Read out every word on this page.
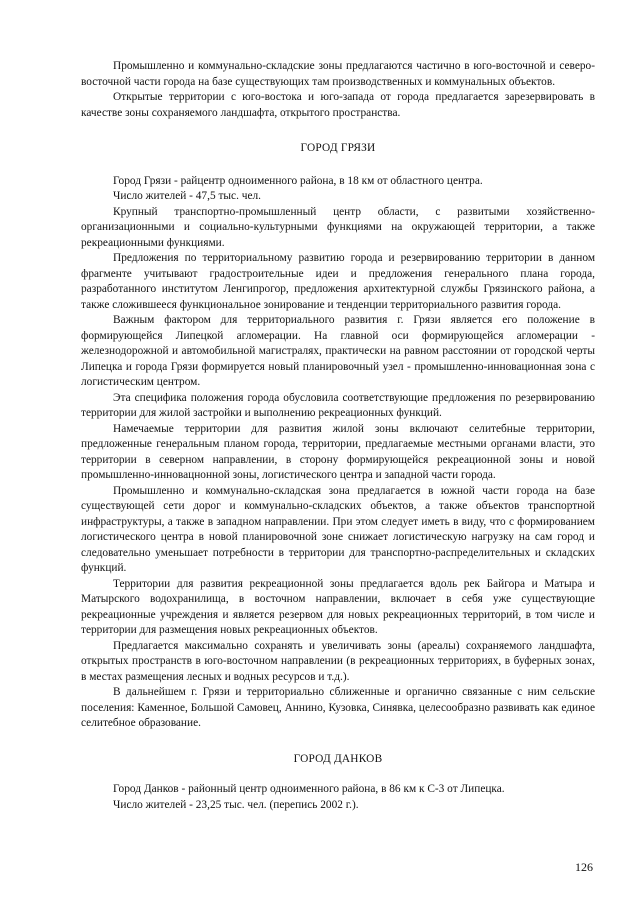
Промышленно и коммунально-складские зоны предлагаются частично в юго-восточной и северо-восточной части города на базе существующих там производственных и коммунальных объектов.

Открытые территории с юго-востока и юго-запада от города предлагается зарезервировать в качестве зоны сохраняемого ландшафта, открытого пространства.

ГОРОД ГРЯЗИ

Город Грязи - райцентр одноименного района, в 18 км от областного центра.

Число жителей - 47,5 тыс. чел.

Крупный транспортно-промышленный центр области, с развитыми хозяйственно-организационными и социально-культурными функциями на окружающей территории, а также рекреационными функциями.

Предложения по территориальному развитию города и резервированию территории в данном фрагменте учитывают градостроительные идеи и предложения генерального плана города, разработанного институтом Ленгипрогор, предложения архитектурной службы Грязинского района, а также сложившееся функциональное зонирование и тенденции территориального развития города.

Важным фактором для территориального развития г. Грязи является его положение в формирующейся Липецкой агломерации. На главной оси формирующейся агломерации - железнодорожной и автомобильной магистралях, практически на равном расстоянии от городской черты Липецка и города Грязи формируется новый планировочный узел - промышленно-инновационная зона с логистическим центром.

Эта специфика положения города обусловила соответствующие предложения по резервированию территории для жилой застройки и выполнению рекреационных функций.

Намечаемые территории для развития жилой зоны включают селитебные территории, предложенные генеральным планом города, территории, предлагаемые местными органами власти, это территории в северном направлении, в сторону формирующейся рекреационной зоны и новой промышленно-инновацнонной зоны, логистического центра и западной части города.

Промышленно и коммунально-складская зона предлагается в южной части города на базе существующей сети дорог и коммунально-складских объектов, а также объектов транспортной инфраструктуры, а также в западном направлении. При этом следует иметь в виду, что с формированием логистического центра в новой планировочной зоне снижает логистическую нагрузку на сам город и следовательно уменьшает потребности в территории для транспортно-распределительных и складских функций.

Территории для развития рекреационной зоны предлагается вдоль рек Байгора и Матыра и Матырского водохранилища, в восточном направлении, включает в себя уже существующие рекреационные учреждения и является резервом для новых рекреационных территорий, в том числе и территории для размещения новых рекреационных объектов.

Предлагается максимально сохранять и увеличивать зоны (ареалы) сохраняемого ландшафта, открытых пространств в юго-восточном направлении (в рекреационных территориях, в буферных зонах, в местах размещения лесных и водных ресурсов и т.д.).

В дальнейшем г. Грязи и территориально сближенные и органично связанные с ним сельские поселения: Каменное, Большой Самовец, Аннино, Кузовка, Синявка, целесообразно развивать как единое селитебное образование.

ГОРОД ДАНКОВ

Город Данков - районный центр одноименного района, в 86 км к С-3 от Липецка.

Число жителей - 23,25 тыс. чел. (перепись 2002 г.).

126
